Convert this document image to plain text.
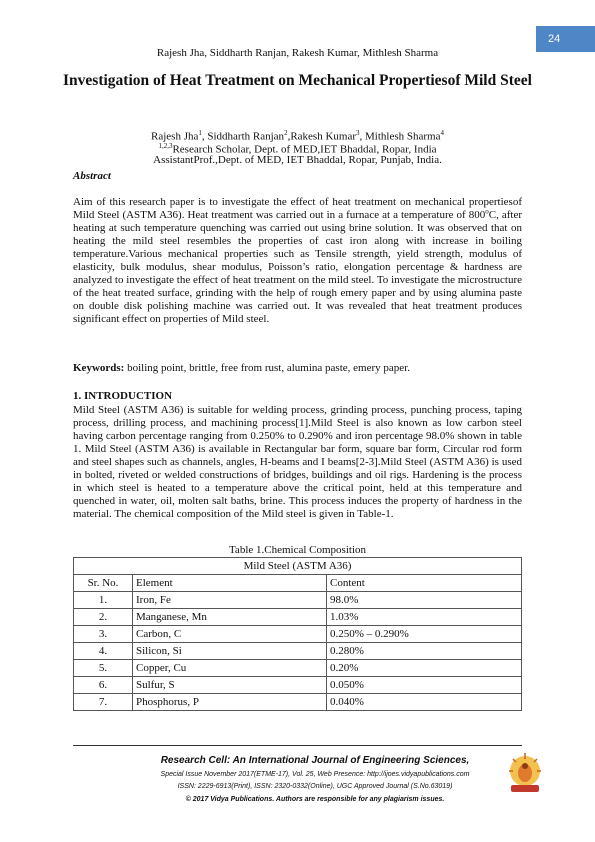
24
Rajesh Jha, Siddharth Ranjan, Rakesh Kumar, Mithlesh Sharma
Investigation of Heat Treatment on Mechanical Propertiesof Mild Steel
Rajesh Jha$^1$, Siddharth Ranjan$^2$,Rakesh Kumar$^3$, Mithlesh Sharma$^4$
$^{1,2,3}$Research Scholar, Dept. of MED,IET Bhaddal, Ropar, India
AssistantProf.,Dept. of MED, IET Bhaddal, Ropar, Punjab, India.
Abstract
Aim of this research paper is to investigate the effect of heat treatment on mechanical propertiesof Mild Steel (ASTM A36). Heat treatment was carried out in a furnace at a temperature of 800$^o$C, after heating at such temperature quenching was carried out using brine solution. It was observed that on heating the mild steel resembles the properties of cast iron along with increase in boiling temperature.Various mechanical properties such as Tensile strength, yield strength, modulus of elasticity, bulk modulus, shear modulus, Poisson’s ratio, elongation percentage & hardness are analyzed to investigate the effect of heat treatment on the mild steel. To investigate the microstructure of the heat treated surface, grinding with the help of rough emery paper and by using alumina paste on double disk polishing machine was carried out. It was revealed that heat treatment produces significant effect on properties of Mild steel.
Keywords: boiling point, brittle, free from rust, alumina paste, emery paper.
1. INTRODUCTION
Mild Steel (ASTM A36) is suitable for welding process, grinding process, punching process, taping process, drilling process, and machining process[1].Mild Steel is also known as low carbon steel having carbon percentage ranging from 0.250% to 0.290% and iron percentage 98.0% shown in table 1. Mild Steel (ASTM A36) is available in Rectangular bar form, square bar form, Circular rod form and steel shapes such as channels, angles, H-beams and I beams[2-3].Mild Steel (ASTM A36) is used in bolted, riveted or welded constructions of bridges, buildings and oil rigs. Hardening is the process in which steel is heated to a temperature above the critical point, held at this temperature and quenched in water, oil, molten salt baths, brine. This process induces the property of hardness in the material. The chemical composition of the Mild steel is given in Table-1.
Table 1.Chemical Composition
Mild Steel (ASTM A36)		
Sr. No.	Element	Content
1.	Iron, Fe	98.0%
2.	Manganese, Mn	1.03%
3.	Carbon, C	0.250% – 0.290%
4.	Silicon, Si	0.280%
5.	Copper, Cu	0.20%
6.	Sulfur, S	0.050%
7.	Phosphorus, P	0.040%
Research Cell: An International Journal of Engineering Sciences,
Special Issue November 2017(ETME-17), Vol. 25, Web Presence: http://ijoes.vidyapublications.com
ISSN: 2229-6913(Print), ISSN: 2320-0332(Online), UGC Approved Journal (S.No.63019)
© 2017 Vidya Publications. Authors are responsible for any plagiarism issues.
